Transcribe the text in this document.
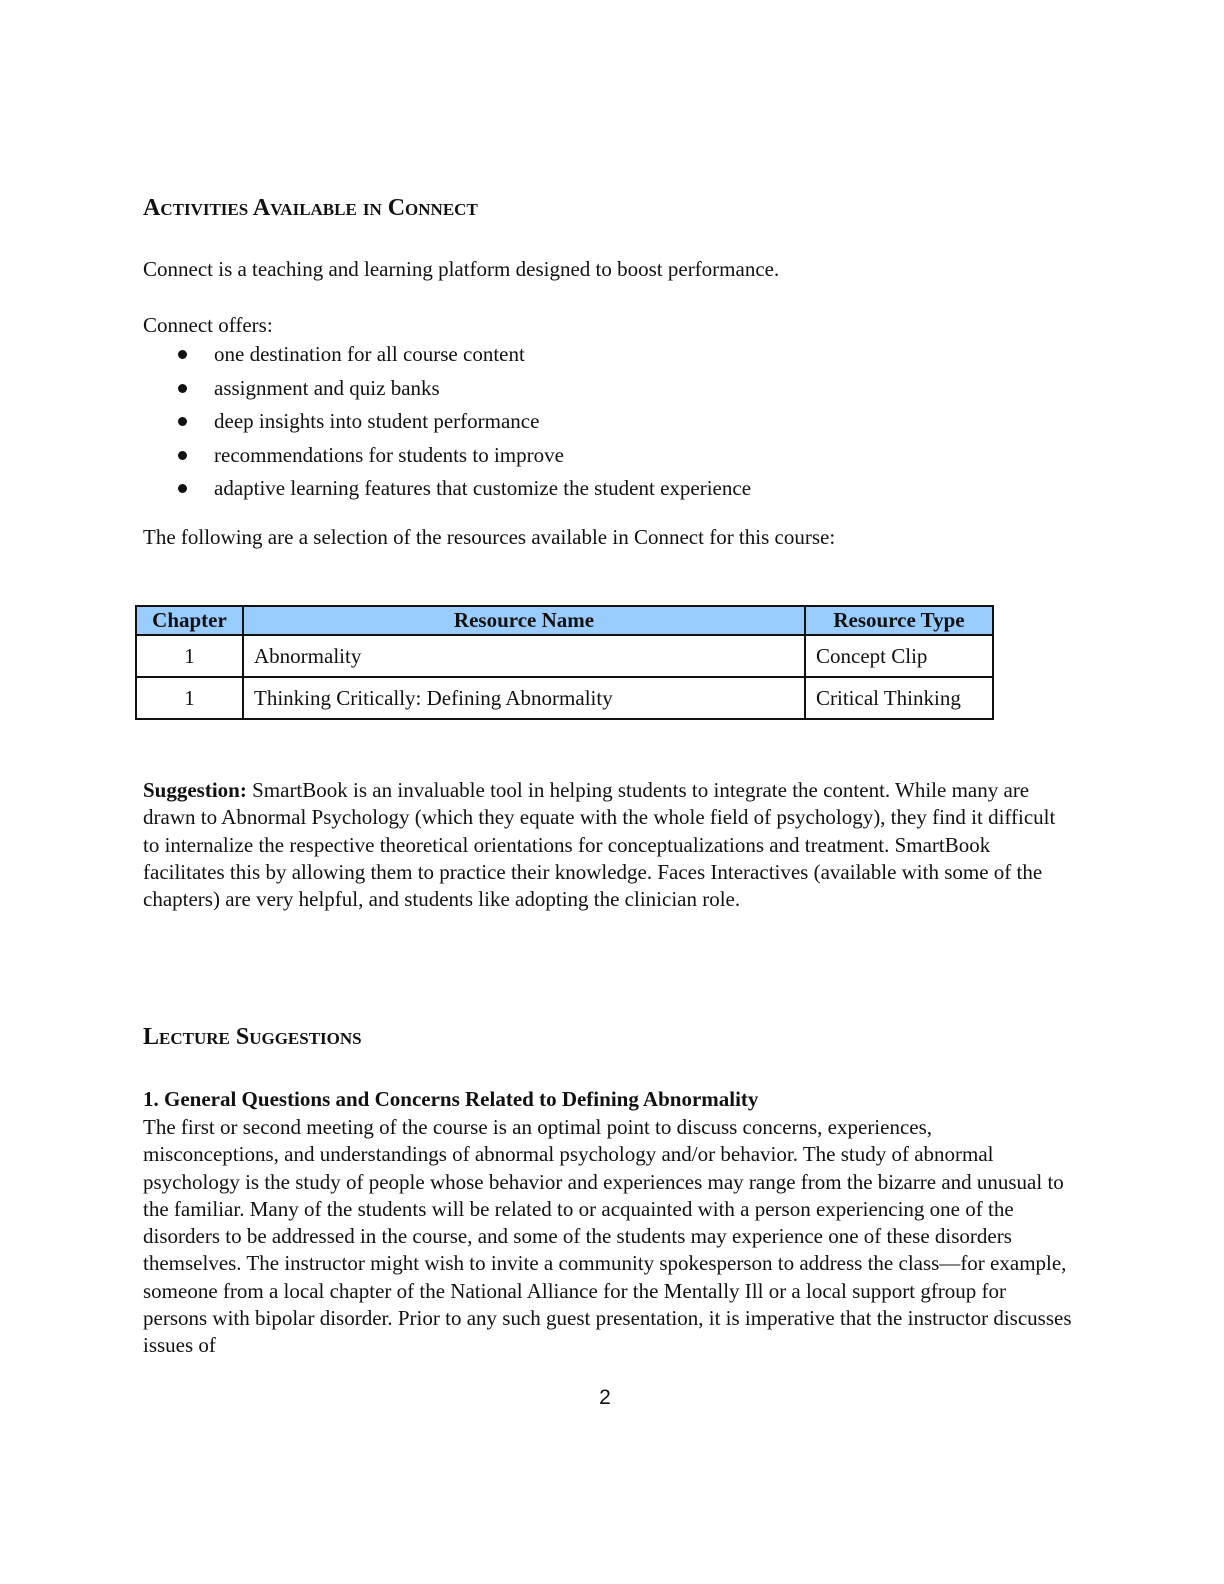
Activities Available in Connect

Connect is a teaching and learning platform designed to boost performance.

Connect offers:

one destination for all course content
assignment and quiz banks
deep insights into student performance
recommendations for students to improve
adaptive learning features that customize the student experience

The following are a selection of the resources available in Connect for this course:

Chapter	Resource Name	Resource Type
1	Abnormality	Concept Clip
1	Thinking Critically: Defining Abnormality	Critical Thinking

Suggestion: SmartBook is an invaluable tool in helping students to integrate the content. While many are drawn to Abnormal Psychology (which they equate with the whole field of psychology), they find it difficult to internalize the respective theoretical orientations for conceptualizations and treatment. SmartBook facilitates this by allowing them to practice their knowledge. Faces Interactives (available with some of the chapters) are very helpful, and students like adopting the clinician role.

Lecture Suggestions

1. General Questions and Concerns Related to Defining Abnormality

The first or second meeting of the course is an optimal point to discuss concerns, experiences, misconceptions, and understandings of abnormal psychology and/or behavior. The study of abnormal psychology is the study of people whose behavior and experiences may range from the bizarre and unusual to the familiar. Many of the students will be related to or acquainted with a person experiencing one of the disorders to be addressed in the course, and some of the students may experience one of these disorders themselves. The instructor might wish to invite a community spokesperson to address the class—for example, someone from a local chapter of the National Alliance for the Mentally Ill or a local support gfroup for persons with bipolar disorder. Prior to any such guest presentation, it is imperative that the instructor discusses issues of

2
